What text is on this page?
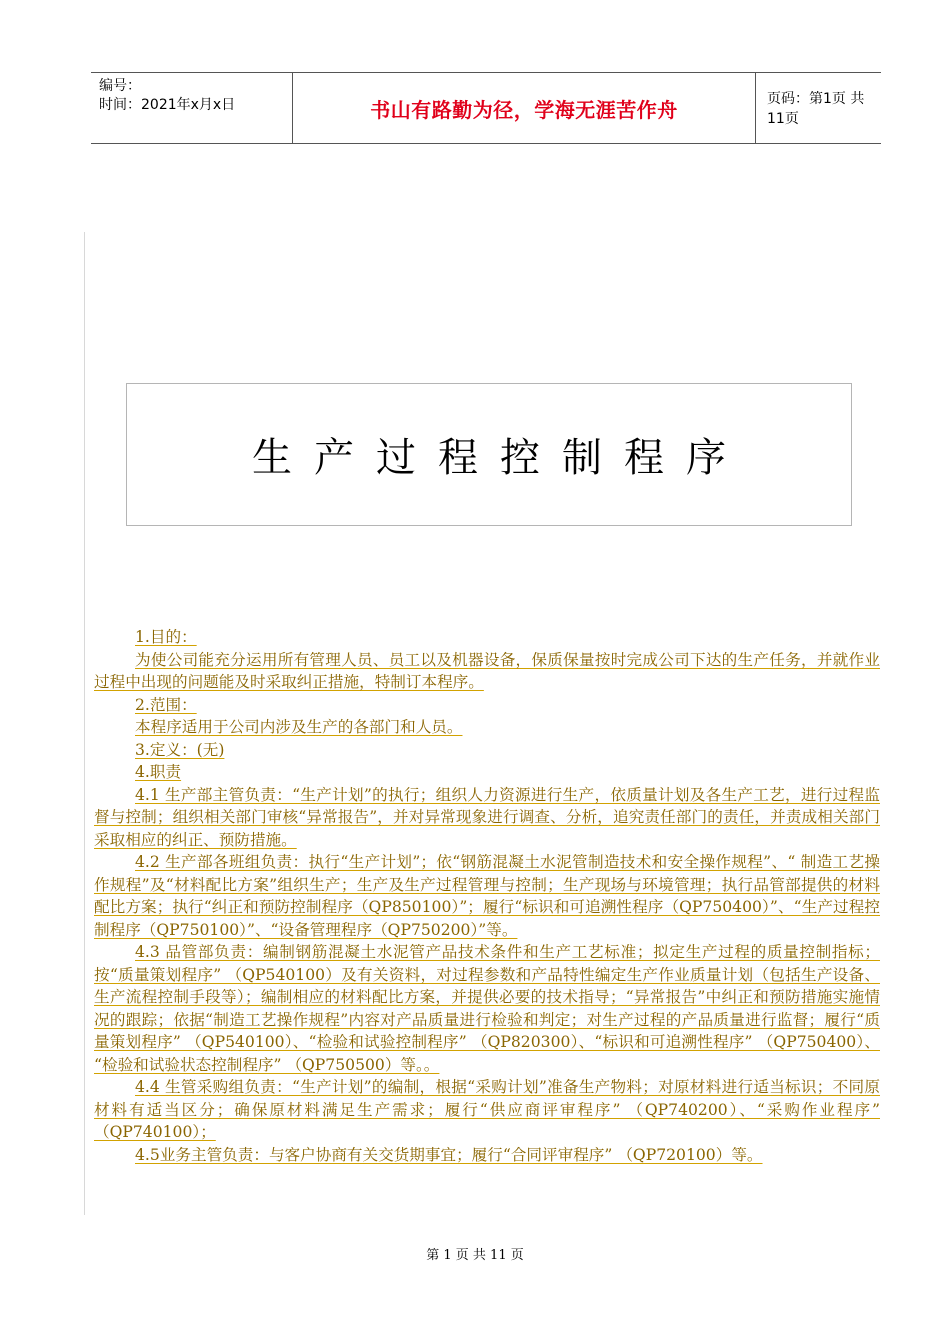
编号：
时间：2021年x月x日	书山有路勤为径，学海无涯苦作舟	页码：第1页 共11页
生产过程控制程序

1.目的：

为使公司能充分运用所有管理人员、员工以及机器设备，保质保量按时完成公司下达的生产任务，并就作业过程中出现的问题能及时采取纠正措施，特制订本程序。

2.范围：

本程序适用于公司内涉及生产的各部门和人员。

3.定义：(无)

4.职责

4.1 生产部主管负责：“生产计划”的执行；组织人力资源进行生产，依质量计划及各生产工艺，进行过程监督与控制；组织相关部门审核“异常报告”，并对异常现象进行调查、分析，追究责任部门的责任，并责成相关部门采取相应的纠正、预防措施。

4.2 生产部各班组负责：执行“生产计划”；依“钢筋混凝土水泥管制造技术和安全操作规程”、“ 制造工艺操作规程”及“材料配比方案”组织生产；生产及生产过程管理与控制；生产现场与环境管理；执行品管部提供的材料配比方案；执行“纠正和预防控制程序（QP850100）”；履行“标识和可追溯性程序（QP750400）”、“生产过程控制程序（QP750100）”、“设备管理程序（QP750200）”等。

4.3 品管部负责：编制钢筋混凝土水泥管产品技术条件和生产工艺标准；拟定生产过程的质量控制指标；按“质量策划程序” （QP540100）及有关资料，对过程参数和产品特性编定生产作业质量计划（包括生产设备、生产流程控制手段等）；编制相应的材料配比方案，并提供必要的技术指导；“异常报告”中纠正和预防措施实施情况的跟踪；依据“制造工艺操作规程”内容对产品质量进行检验和判定；对生产过程的产品质量进行监督；履行“质量策划程序” （QP540100）、“检验和试验控制程序” （QP820300）、“标识和可追溯性程序” （QP750400）、 “检验和试验状态控制程序” （QP750500）等。。

4.4 生管采购组负责：“生产计划”的编制，根据“采购计划”准备生产物料；对原材料进行适当标识；不同原材料有适当区分；确保原材料满足生产需求；履行“供应商评审程序” （QP740200）、“采购作业程序” （QP740100）；

4.5业务主管负责：与客户协商有关交货期事宜；履行“合同评审程序” （QP720100）等。

第 1 页 共 11 页
